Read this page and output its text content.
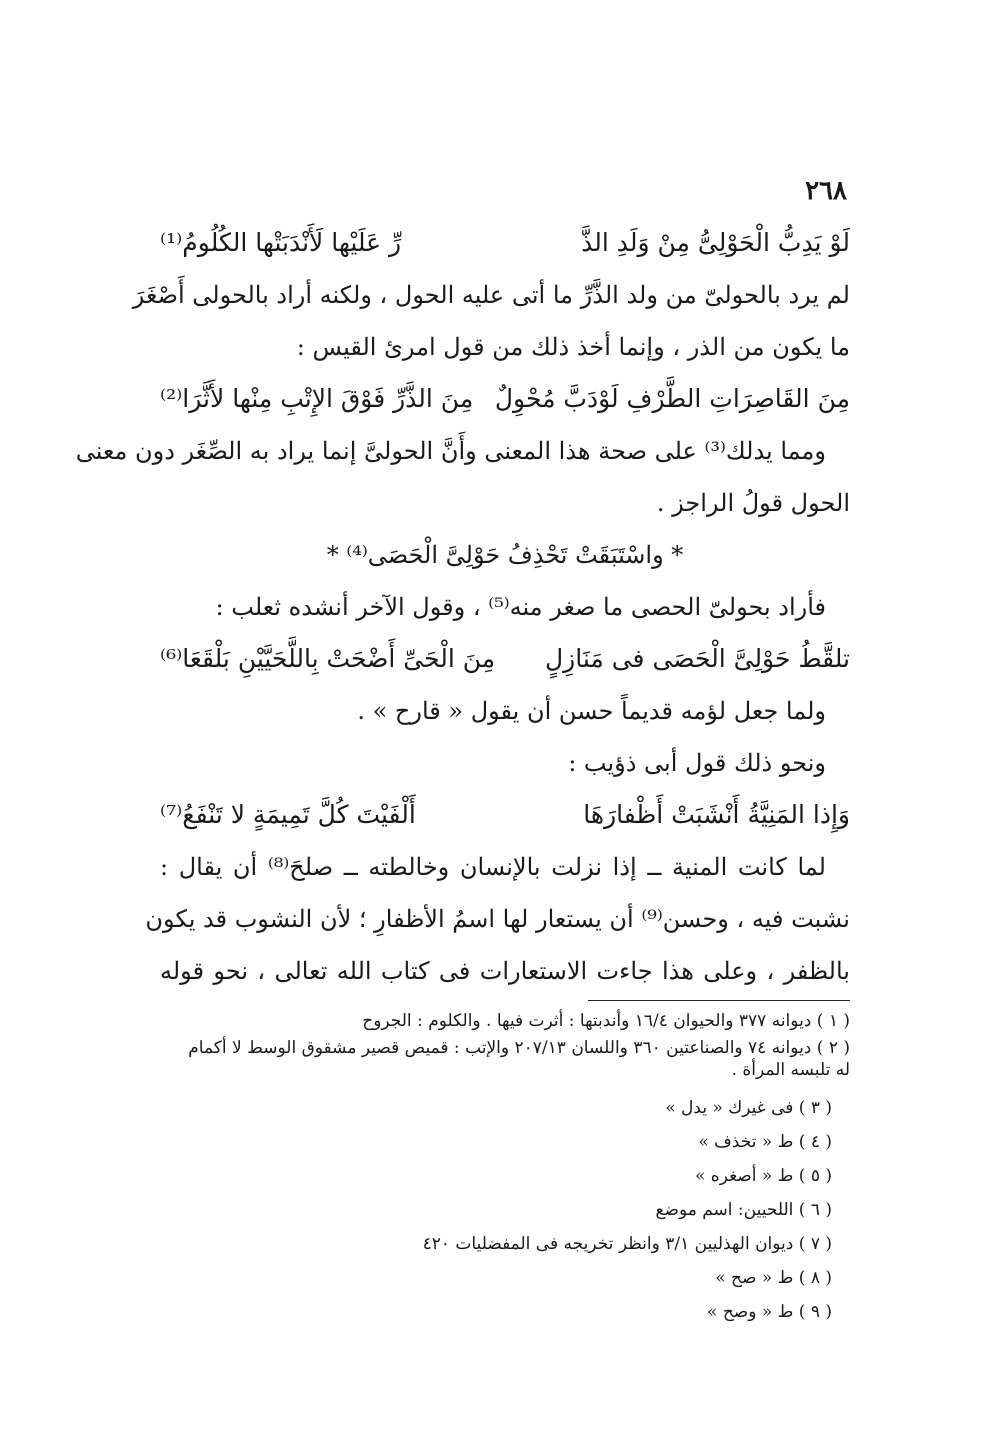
٢٦٨
لَوْ يَدِبُّ الْحَوْلِىُّ مِنْ وَلَدِ الذَّ
رِّ عَلَيْها لَأَنْدَبَتْها الكُلُومُ⁽¹⁾
لم يرد بالحولىّ من ولد الذَّرِّ ما أتى عليه الحول ، ولكنه أراد بالحولى أَصْغَرَ
ما يكون من الذر ، وإنما أخذ ذلك من قول امرئ القيس :
مِنَ القَاصِرَاتِ الطَّرْفِ لَوْدَبَّ مُحْوِلٌ
مِنَ الذَّرِّ فَوْقَ الإِتْبِ مِنْها لأَثَّرَا⁽²⁾
ومما يدلك⁽³⁾ على صحة هذا المعنى وأَنَّ الحولىَّ إنما يراد به الصِّغَر دون معنى
الحول قولُ الراجز .
* واسْتَبَقَتْ تَحْذِفُ حَوْلِىَّ الْحَصَى⁽⁴⁾ *
فأراد بحولىّ الحصى ما صغر منه⁽⁵⁾ ، وقول الآخر أنشده ثعلب :
تلقَّطُ حَوْلِىَّ الْحَصَى فى مَنَازِلٍ
مِنَ الْحَىِّ أَضْحَتْ بِاللَّحَيَّيْنِ بَلْقَعَا⁽⁶⁾
ولما جعل لؤمه قديماً حسن أن يقول « قارح » .
ونحو ذلك قول أبى ذؤيب :
وَإِذا المَنِيَّةُ أَنْشَبَتْ أَظْفارَهَا
أَلْفَيْتَ كُلَّ تَمِيمَةٍ لا تَنْفَعُ⁽⁷⁾
لما كانت المنية ــ إذا نزلت بالإنسان وخالطته ــ صلحَ⁽⁸⁾ أن يقال :
نشبت فيه ، وحسن⁽⁹⁾ أن يستعار لها اسمُ الأظفارِ ؛ لأن النشوب قد يكون
بالظفر ، وعلى هذا جاءت الاستعارات فى كتاب الله تعالى ، نحو قوله
( ١ ) ديوانه ٣٧٧ والحيوان ١٦/٤ وأندبتها : أثرت فيها . والكلوم : الجروح
( ٢ ) ديوانه ٧٤ والصناعتين ٣٦٠ واللسان ٢٠٧/١٣ والإتب : قميص قصير مشقوق الوسط لا أكمام له تلبسه المرأة .
( ٣ ) فى غيرك « يدل »
( ٤ ) ط « تخذف »
( ٥ ) ط « أصغره »
( ٦ ) اللحيين: اسم موضع
( ٧ ) ديوان الهذليين ٣/١ وانظر تخريجه فى المفضليات ٤٢٠
( ٨ ) ط « صح »
( ٩ ) ط « وصح »
